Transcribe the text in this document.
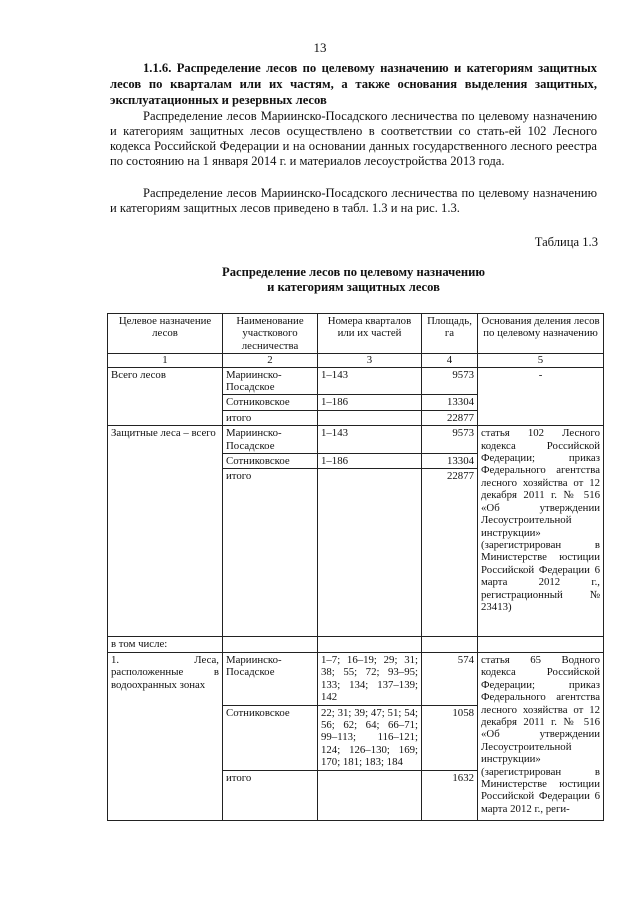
13

1.1.6. Распределение лесов по целевому назначению и категориям защитных лесов по кварталам или их частям, а также основания выделения защитных, эксплуатационных и резервных лесов

Распределение лесов Мариинско-Посадского лесничества по целевому назначению и категориям защитных лесов осуществлено в соответствии со стать-ей 102 Лесного кодекса Российской Федерации и на основании данных государственного лесного реестра по состоянию на 1 января 2014 г. и материалов лесоустройства 2013 года.

Распределение лесов Мариинско-Посадского лесничества по целевому назначению и категориям защитных лесов приведено в табл. 1.3 и на рис. 1.3.

Таблица 1.3
Распределение лесов по целевому назначению
и категориям защитных лесов
Целевое назначение лесов	Наименование участкового лесничества	Номера кварталов или их частей	Площадь, га	Основания деления лесов по целевому назначению
1	2	3	4	5
Всего лесов	Мариинско-Посадское	1–143	9573	-
	Сотниковское	1–186	13304	
	итого		22877	
Защитные леса – всего	Мариинско-Посадское	1–143	9573	статья 102 Лесного кодекса Российской Федерации; приказ Федерального агентства лесного хозяйства от 12 декабря 2011 г. № 516 «Об утверждении Лесоустроительной инструкции» (зарегистрирован в Министерстве юстиции Российской Федерации 6 марта 2012 г., регистрационный № 23413)
	Сотниковское	1–186	13304	
	итого		22877	
в том числе:				
1. Леса, расположенные в водоохранных зонах	Мариинско-Посадское	1–7; 16–19; 29; 31; 38; 55; 72; 93–95; 133; 134; 137–139; 142	574	статья 65 Водного кодекса Российской Федерации; приказ Федерального агентства лесного хозяйства от 12 декабря 2011 г. № 516 «Об утверждении Лесоустроительной инструкции» (зарегистрирован в Министерстве юстиции Российской Федерации 6 марта 2012 г., реги-
	Сотниковское	22; 31; 39; 47; 51; 54; 56; 62; 64; 66–71; 99–113; 116–121; 124; 126–130; 169; 170; 181; 183; 184	1058	
	итого		1632	
